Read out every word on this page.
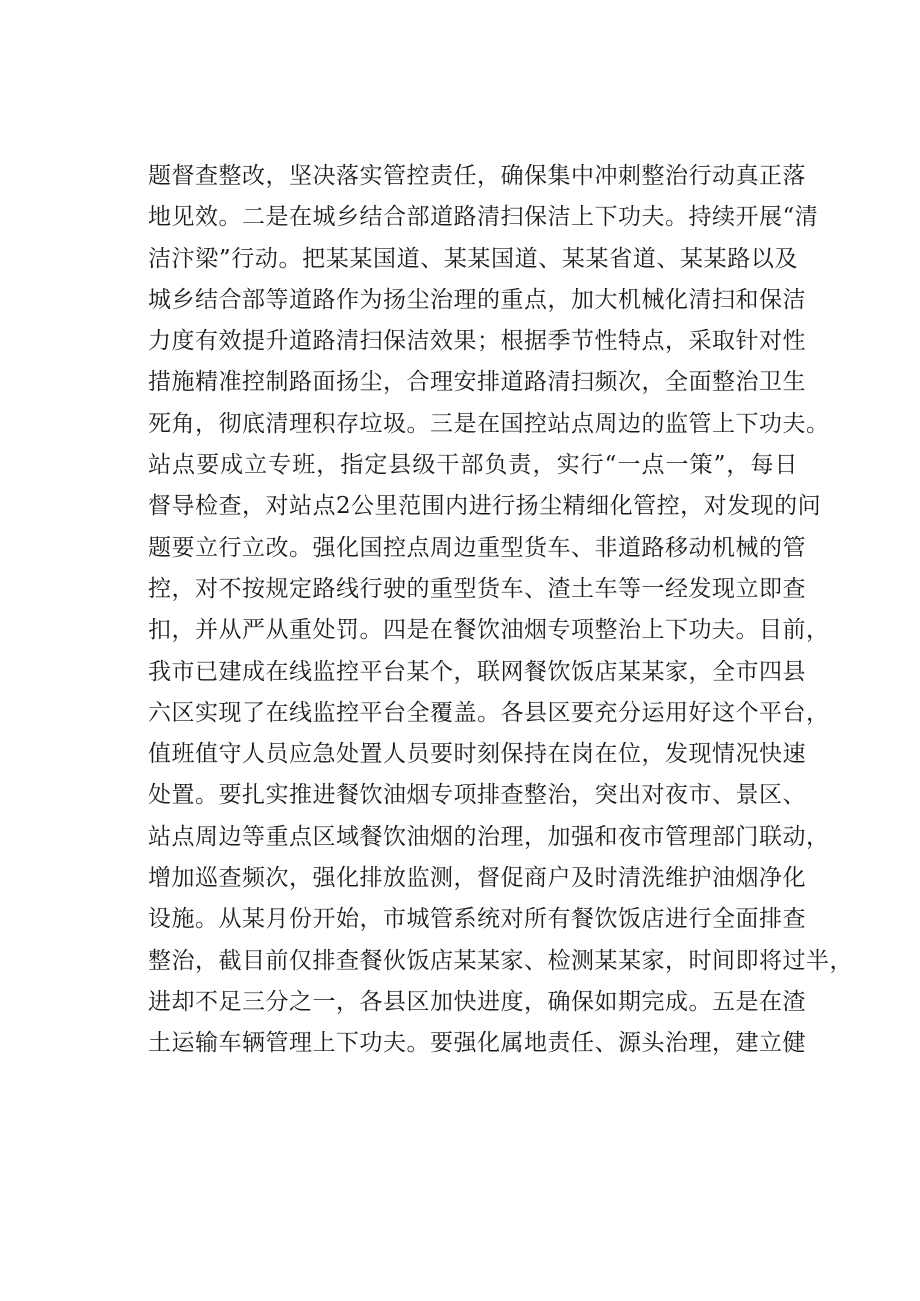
题督查整改，坚决落实管控责任，确保集中冲刺整治行动真正落
地见效。二是在城乡结合部道路清扫保洁上下功夫。持续开展“清
洁汴梁”行动。把某某国道、某某国道、某某省道、某某路以及
城乡结合部等道路作为扬尘治理的重点，加大机械化清扫和保洁
力度有效提升道路清扫保洁效果；根据季节性特点，采取针对性
措施精准控制路面扬尘，合理安排道路清扫频次，全面整治卫生
死角，彻底清理积存垃圾。三是在国控站点周边的监管上下功夫。
站点要成立专班，指定县级干部负责，实行“一点一策”，每日
督导检查，对站点2公里范围内进行扬尘精细化管控，对发现的问
题要立行立改。强化国控点周边重型货车、非道路移动机械的管
控，对不按规定路线行驶的重型货车、渣土车等一经发现立即查
扣，并从严从重处罚。四是在餐饮油烟专项整治上下功夫。目前，
我市已建成在线监控平台某个，联网餐饮饭店某某家，全市四县
六区实现了在线监控平台全覆盖。各县区要充分运用好这个平台，
值班值守人员应急处置人员要时刻保持在岗在位，发现情况快速
处置。要扎实推进餐饮油烟专项排查整治，突出对夜市、景区、
站点周边等重点区域餐饮油烟的治理，加强和夜市管理部门联动，
增加巡查频次，强化排放监测，督促商户及时清洗维护油烟净化
设施。从某月份开始，市城管系统对所有餐饮饭店进行全面排查
整治，截目前仅排查餐伙饭店某某家、检测某某家，时间即将过半，
进却不足三分之一，各县区加快进度，确保如期完成。五是在渣
土运输车辆管理上下功夫。要强化属地责任、源头治理，建立健
